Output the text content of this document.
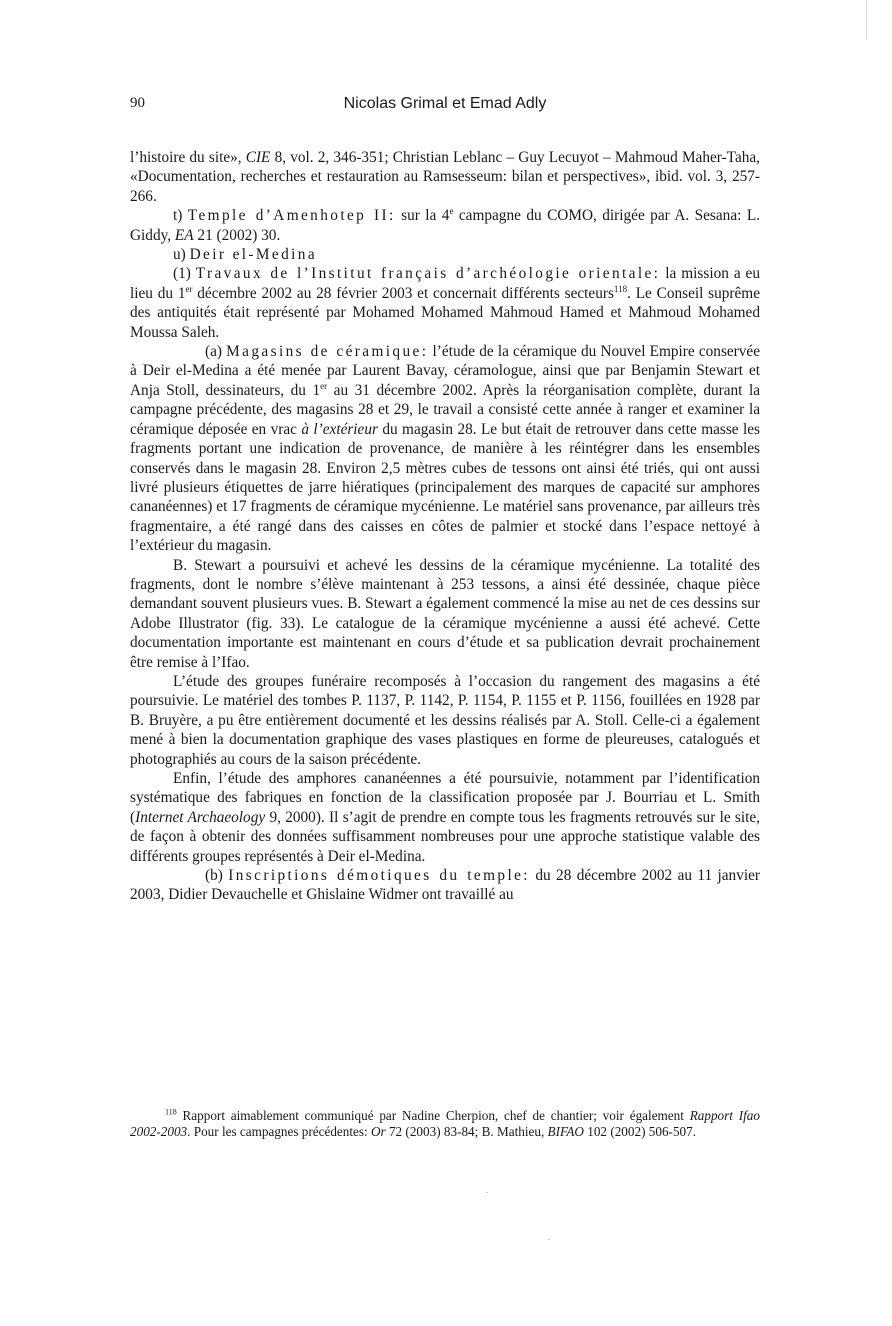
90	Nicolas Grimal et Emad Adly

l’histoire du site», CIE 8, vol. 2, 346-351; Christian Leblanc – Guy Lecuyot – Mahmoud Maher-Taha, «Documentation, recherches et restauration au Ramsesseum: bilan et perspectives», ibid. vol. 3, 257-266.

t) Temple d’Amenhotep II: sur la 4e campagne du COMO, dirigée par A. Sesana: L. Giddy, EA 21 (2002) 30.

u) Deir el-Medina

(1) Travaux de l’Institut français d’archéologie orientale: la mission a eu lieu du 1er décembre 2002 au 28 février 2003 et concernait différents secteurs$^{118}$. Le Conseil suprême des antiquités était représenté par Mohamed Mohamed Mahmoud Hamed et Mahmoud Mohamed Moussa Saleh.

(a) Magasins de céramique: l’étude de la céramique du Nouvel Empire conservée à Deir el-Medina a été menée par Laurent Bavay, céramologue, ainsi que par Benjamin Stewart et Anja Stoll, dessinateurs, du 1er au 31 décembre 2002. Après la réorganisation complète, durant la campagne précédente, des magasins 28 et 29, le travail a consisté cette année à ranger et examiner la céramique déposée en vrac à l’extérieur du magasin 28. Le but était de retrouver dans cette masse les fragments portant une indication de provenance, de manière à les réintégrer dans les ensembles conservés dans le magasin 28. Environ 2,5 mètres cubes de tessons ont ainsi été triés, qui ont aussi livré plusieurs étiquettes de jarre hiératiques (principalement des marques de capacité sur amphores cananéennes) et 17 fragments de céramique mycénienne. Le matériel sans provenance, par ailleurs très fragmentaire, a été rangé dans des caisses en côtes de palmier et stocké dans l’espace nettoyé à l’extérieur du magasin.

B. Stewart a poursuivi et achevé les dessins de la céramique mycénienne. La totalité des fragments, dont le nombre s’élève maintenant à 253 tessons, a ainsi été dessinée, chaque pièce demandant souvent plusieurs vues. B. Stewart a également commencé la mise au net de ces dessins sur Adobe Illustrator (fig. 33). Le catalogue de la céramique mycénienne a aussi été achevé. Cette documentation importante est maintenant en cours d’étude et sa publication devrait prochainement être remise à l’Ifao.

L’étude des groupes funéraire recomposés à l’occasion du rangement des magasins a été poursuivie. Le matériel des tombes P. 1137, P. 1142, P. 1154, P. 1155 et P. 1156, fouillées en 1928 par B. Bruyère, a pu être entièrement documenté et les dessins réalisés par A. Stoll. Celle-ci a également mené à bien la documentation graphique des vases plastiques en forme de pleureuses, catalogués et photographiés au cours de la saison précédente.

Enfin, l’étude des amphores cananéennes a été poursuivie, notamment par l’identification systématique des fabriques en fonction de la classification proposée par J. Bourriau et L. Smith (Internet Archaeology 9, 2000). Il s’agit de prendre en compte tous les fragments retrouvés sur le site, de façon à obtenir des données suffisamment nombreuses pour une approche statistique valable des différents groupes représentés à Deir el-Medina.

(b) Inscriptions démotiques du temple: du 28 décembre 2002 au 11 janvier 2003, Didier Devauchelle et Ghislaine Widmer ont travaillé au

$^{118}$ Rapport aimablement communiqué par Nadine Cherpion, chef de chantier; voir également Rapport Ifao 2002-2003. Pour les campagnes précédentes: Or 72 (2003) 83-84; B. Mathieu, BIFAO 102 (2002) 506-507.
